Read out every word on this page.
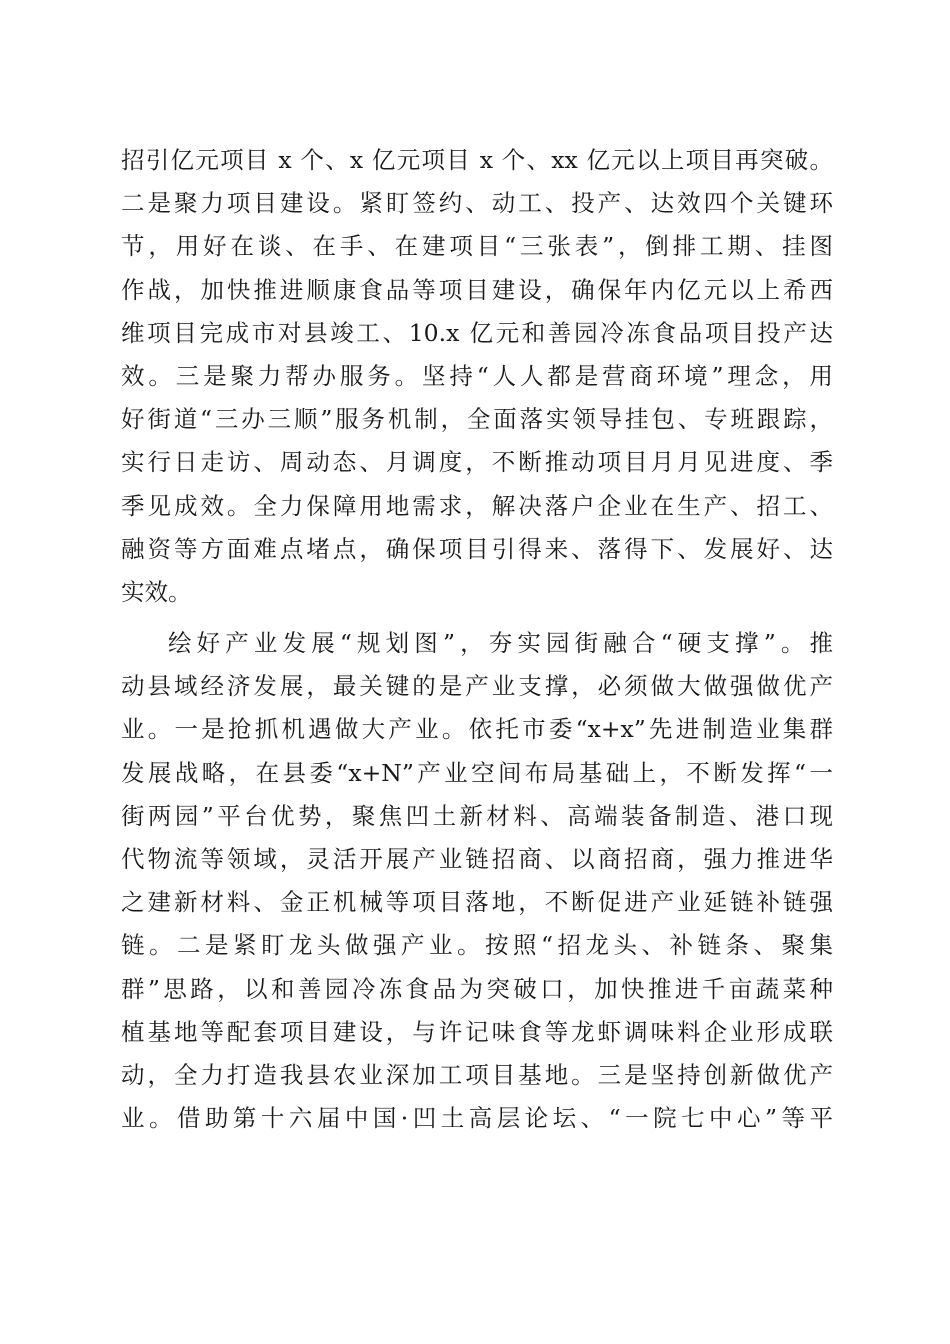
招引亿元项目 x 个、x 亿元项目 x 个、xx 亿元以上项目再突破。
二是聚力项目建设。紧盯签约、动工、投产、达效四个关键环
节，用好在谈、在手、在建项目“三张表”，倒排工期、挂图
作战，加快推进顺康食品等项目建设，确保年内亿元以上希西
维项目完成市对县竣工、10.x 亿元和善园冷冻食品项目投产达
效。三是聚力帮办服务。坚持“人人都是营商环境”理念，用
好街道“三办三顺”服务机制，全面落实领导挂包、专班跟踪，
实行日走访、周动态、月调度，不断推动项目月月见进度、季
季见成效。全力保障用地需求，解决落户企业在生产、招工、
融资等方面难点堵点，确保项目引得来、落得下、发展好、达
实效。
绘好产业发展“规划图”，夯实园街融合“硬支撑”。推
动县域经济发展，最关键的是产业支撑，必须做大做强做优产
业。一是抢抓机遇做大产业。依托市委“x+x”先进制造业集群
发展战略，在县委“x+N”产业空间布局基础上，不断发挥“一
街两园”平台优势，聚焦凹土新材料、高端装备制造、港口现
代物流等领域，灵活开展产业链招商、以商招商，强力推进华
之建新材料、金正机械等项目落地，不断促进产业延链补链强
链。二是紧盯龙头做强产业。按照“招龙头、补链条、聚集
群”思路，以和善园冷冻食品为突破口，加快推进千亩蔬菜种
植基地等配套项目建设，与许记味食等龙虾调味料企业形成联
动，全力打造我县农业深加工项目基地。三是坚持创新做优产
业。借助第十六届中国·凹土高层论坛、“一院七中心”等平
